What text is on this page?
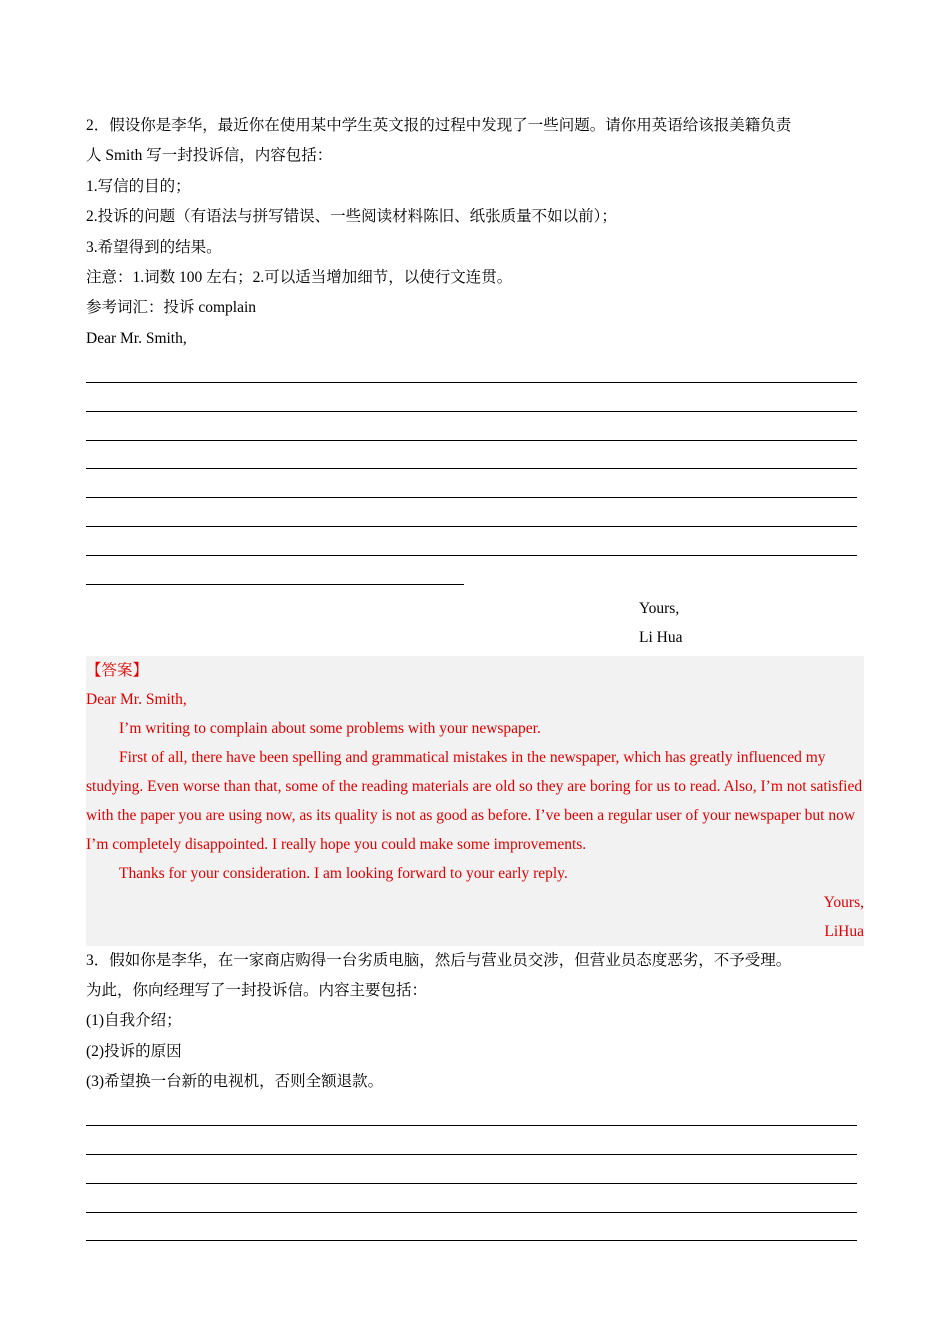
2．假设你是李华，最近你在使用某中学生英文报的过程中发现了一些问题。请你用英语给该报美籍负责
人 Smith 写一封投诉信，内容包括：
1.写信的目的；
2.投诉的问题（有语法与拼写错误、一些阅读材料陈旧、纸张质量不如以前）；
3.希望得到的结果。
注意：1.词数 100 左右；2.可以适当增加细节，以使行文连贯。
参考词汇：投诉 complain
Dear Mr. Smith,
Yours,
Li Hua
【答案】
Dear Mr. Smith,
I’m writing to complain about some problems with your newspaper.
First of all, there have been spelling and grammatical mistakes in the newspaper, which has greatly influenced my studying. Even worse than that, some of the reading materials are old so they are boring for us to read. Also, I’m not satisfied with the paper you are using now, as its quality is not as good as before. I’ve been a regular user of your newspaper but now I’m completely disappointed. I really hope you could make some improvements.
Thanks for your consideration. I am looking forward to your early reply.
Yours,
LiHua
3．假如你是李华，在一家商店购得一台劣质电脑，然后与营业员交涉，但营业员态度恶劣，不予受理。
为此，你向经理写了一封投诉信。内容主要包括：
(1)自我介绍；
(2)投诉的原因
(3)希望换一台新的电视机，否则全额退款。
